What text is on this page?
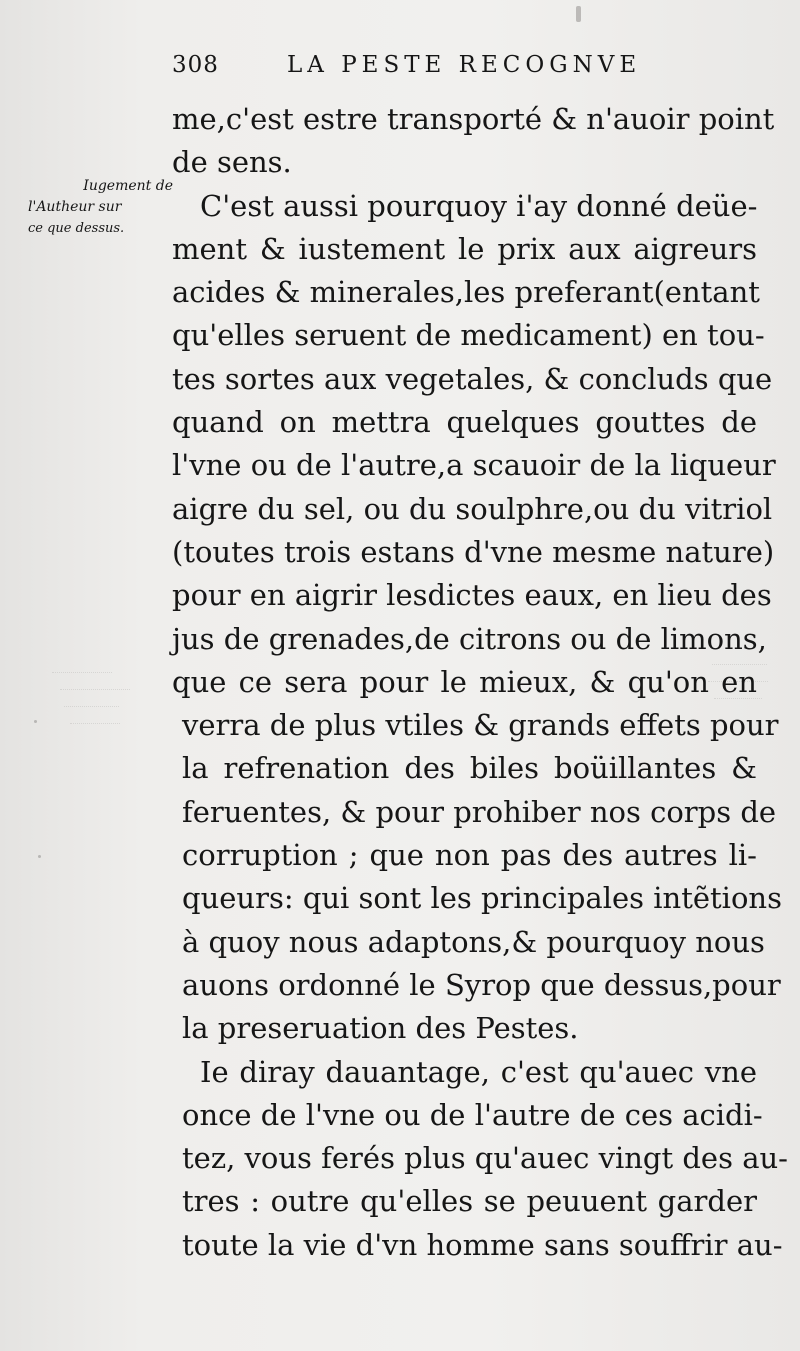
308	LA PESTE RECOGNVE
Iugement de
l'Autheur sur
ce que dessus.
me,c'est estre transporté & n'auoir point
de sens.
C'est aussi pourquoy i'ay donné deüe-
ment & iustement le prix aux aigreurs
acides & minerales,les preferant(entant
qu'elles seruent de medicament) en tou-
tes sortes aux vegetales, & concluds que
quand on mettra quelques gouttes de
l'vne ou de l'autre,a scauoir de la liqueur
aigre du sel, ou du soulphre,ou du vitriol
(toutes trois estans d'vne mesme nature)
pour en aigrir lesdictes eaux, en lieu des
jus de grenades,de citrons ou de limons,
que ce sera pour le mieux, & qu'on en
verra de plus vtiles & grands effets pour
la refrenation des biles boüillantes &
feruentes, & pour prohiber nos corps de
corruption ; que non pas des autres li-
queurs: qui sont les principales intẽtions
à quoy nous adaptons,& pourquoy nous
auons ordonné le Syrop que dessus,pour
la preseruation des Pestes.
Ie diray dauantage, c'est qu'auec vne
once de l'vne ou de l'autre de ces acidi-
tez, vous ferés plus qu'auec vingt des au-
tres : outre qu'elles se peuuent garder
toute la vie d'vn homme sans souffrir au-
